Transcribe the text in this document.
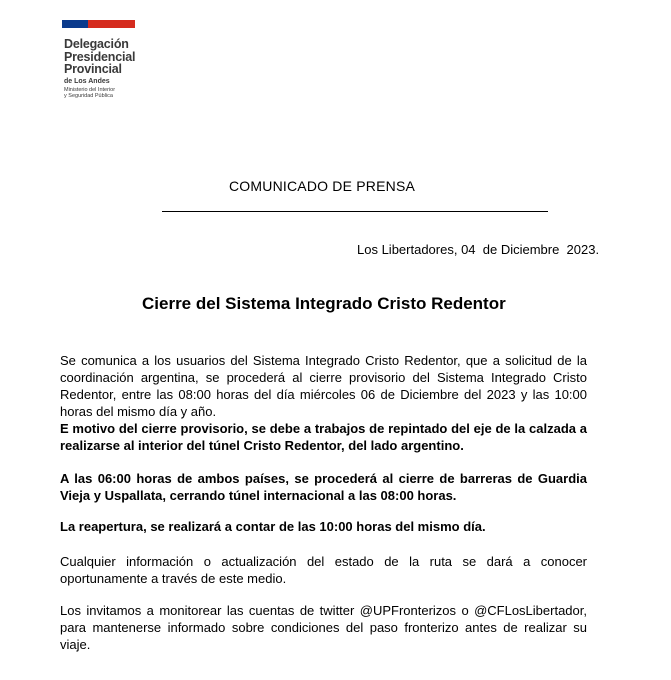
Delegación
Presidencial
Provincial
de Los Andes
Ministerio del Interior
y Seguridad Pública
COMUNICADO DE PRENSA
Los Libertadores, 04  de Diciembre  2023.
Cierre del Sistema Integrado Cristo Redentor

Se comunica a los usuarios del Sistema Integrado Cristo Redentor, que a solicitud de la coordinación argentina, se procederá al cierre provisorio del Sistema Integrado Cristo Redentor, entre las 08:00 horas del día miércoles 06 de Diciembre del 2023 y las 10:00 horas del mismo día y año.

E motivo del cierre provisorio, se debe a trabajos de repintado del eje de la calzada a realizarse al interior del túnel Cristo Redentor, del lado argentino.

A las 06:00 horas de ambos países, se procederá al cierre de barreras de Guardia Vieja y Uspallata, cerrando túnel internacional a las 08:00 horas.

La reapertura, se realizará a contar de las 10:00 horas del mismo día.

Cualquier información o actualización del estado de la ruta se dará a conocer oportunamente a través de este medio.

Los invitamos a monitorear las cuentas de twitter @UPFronterizos o @CFLosLibertador, para mantenerse informado sobre condiciones del paso fronterizo antes de realizar su viaje.
